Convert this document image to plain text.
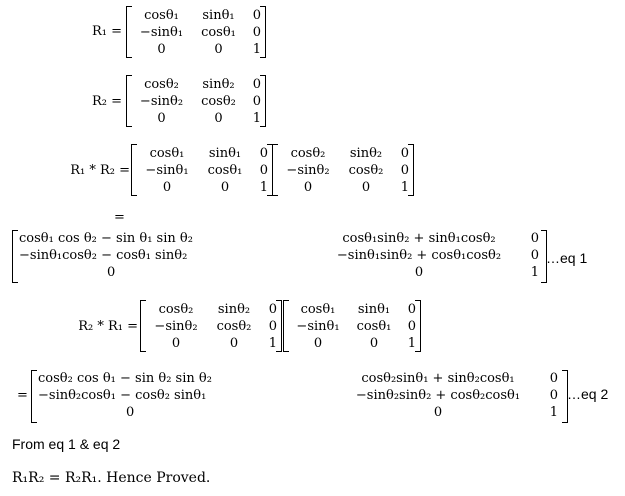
R₁ =
cosθ₁	sinθ₁	0
−sinθ₁	cosθ₁	0
0	0	1
R₂ =
cosθ₂	sinθ₂	0
−sinθ₂	cosθ₂	0
0	0	1
R₁ * R₂ =
cosθ₁	sinθ₁	0
−sinθ₁	cosθ₁	0
0	0	1
cosθ₂	sinθ₂	0
−sinθ₂	cosθ₂	0
0	0	1
=
cosθ₁ cos θ₂ − sin θ₁ sin θ₂	cosθ₁sinθ₂ + sinθ₁cosθ₂	0
−sinθ₁cosθ₂ − cosθ₁ sinθ₂	−sinθ₁sinθ₂ + cosθ₁cosθ₂	0
0	0	1
…eq 1
R₂ * R₁ =
cosθ₂	sinθ₂	0
−sinθ₂	cosθ₂	0
0	0	1
cosθ₁	sinθ₁	0
−sinθ₁	cosθ₁	0
0	0	1
=
cosθ₂ cos θ₁ − sin θ₂ sin θ₂	cosθ₂sinθ₁ + sinθ₂cosθ₁	0
−sinθ₂cosθ₁ − cosθ₂ sinθ₁	−sinθ₂sinθ₂ + cosθ₂cosθ₁	0
0	0	1
…eq 2
From eq 1 & eq 2
R₁R₂ = R₂R₁. Hence Proved.
